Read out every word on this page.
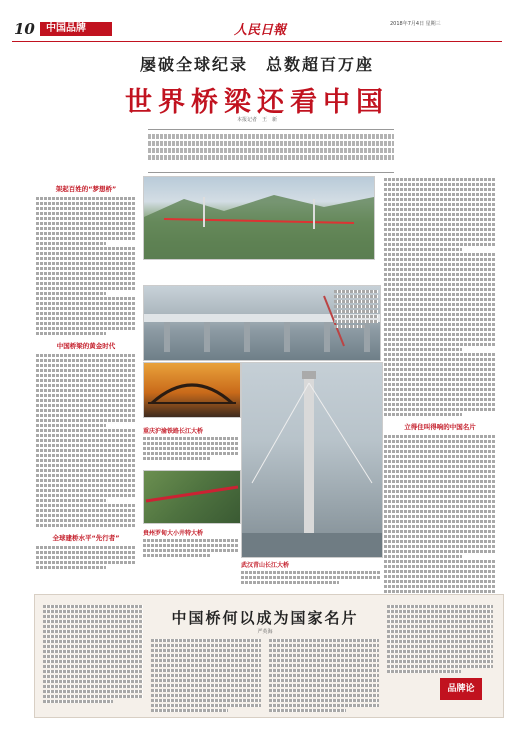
10 中国品牌	人民日報	2018年7月4日 星期三
屡破全球纪录　总数超百万座
世界桥梁还看中国
本报记者　王　新
架起百姓的“梦想桥”
中国桥梁的黄金时代
全球建桥水平“先行者”
立得住叫得响的中国名片
重庆沪渝铁路长江大桥
贵州罗甸大小井特大桥
武汉青山长江大桥
中国桥何以成为国家名片
严英海
品牌论
